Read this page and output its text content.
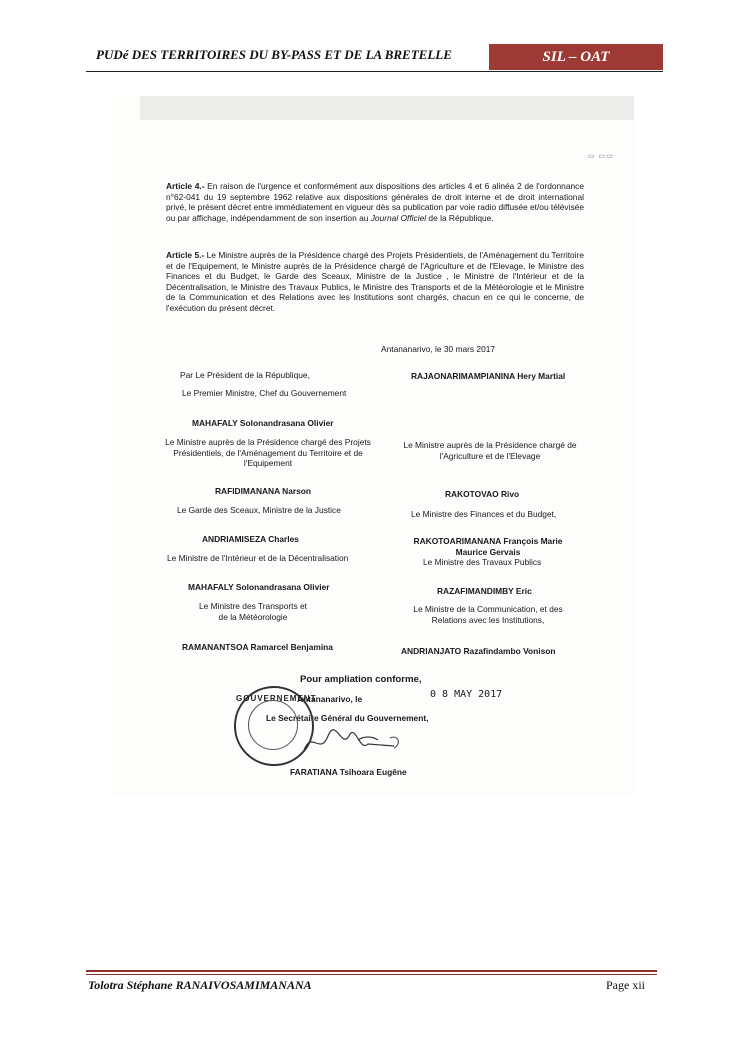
PUDé DES TERRITOIRES DU BY-PASS ET DE LA BRETELLE	SIL – OAT
▭ ▭▭
Article 4.- En raison de l'urgence et conformément aux dispositions des articles 4 et 6 alinéa 2 de l'ordonnance n°62-041 du 19 septembre 1962 relative aux dispositions générales de droit interne et de droit international privé, le présent décret entre immédiatement en vigueur dès sa publication par voie radio diffusée et/ou télévisée ou par affichage, indépendamment de son insertion au Journal Officiel de la République.
Article 5.- Le Ministre auprès de la Présidence chargé des Projets Présidentiels, de l'Aménagement du Territoire et de l'Equipement, le Ministre auprès de la Présidence chargé de l'Agriculture et de l'Elevage, le Ministre des Finances et du Budget, le Garde des Sceaux, Ministre de la Justice , le Ministre de l'Intérieur et de la Décentralisation, le Ministre des Travaux Publics, le Ministre des Transports et de la Météorologie et le Ministre de la Communication et des Relations avec les Institutions sont chargés, chacun en ce qui le concerne, de l'exécution du présent décret.
Antananarivo, le 30 mars 2017
Par Le Président de la République,	RAJAONARIMAMPIANINA Hery Martial
Le Premier Ministre, Chef du Gouvernement
MAHAFALY Solonandrasana Olivier
Le Ministre auprès de la Présidence chargé des Projets Présidentiels, de l'Aménagement du Territoire et de l'Equipement
Le Ministre auprès de la Présidence chargé de l'Agriculture et de l'Elevage
RAFIDIMANANA Narson	RAKOTOVAO Rivo
Le Garde des Sceaux, Ministre de la Justice	Le Ministre des Finances et du Budget,
ANDRIAMISEZA Charles	RAKOTOARIMANANA François Marie Maurice Gervais
Le Ministre de l'Intérieur et de la Décentralisation	Le Ministre des Travaux Publics
MAHAFALY Solonandrasana Olivier	RAZAFIMANDIMBY Eric
Le Ministre des Transports et de la Météorologie
Le Ministre de la Communication, et des Relations avec les Institutions,
RAMANANTSOA Ramarcel Benjamina	ANDRIANJATO Razafindambo Vonison
Pour ampliation conforme,
Antananarivo, le	0 8 MAY 2017
Le Secrétaire Général du Gouvernement,
FARATIANA Tsihoara Eugêne
GOUVERNEMENT
Tolotra Stéphane RANAIVOSAMIMANANA	Page xii
